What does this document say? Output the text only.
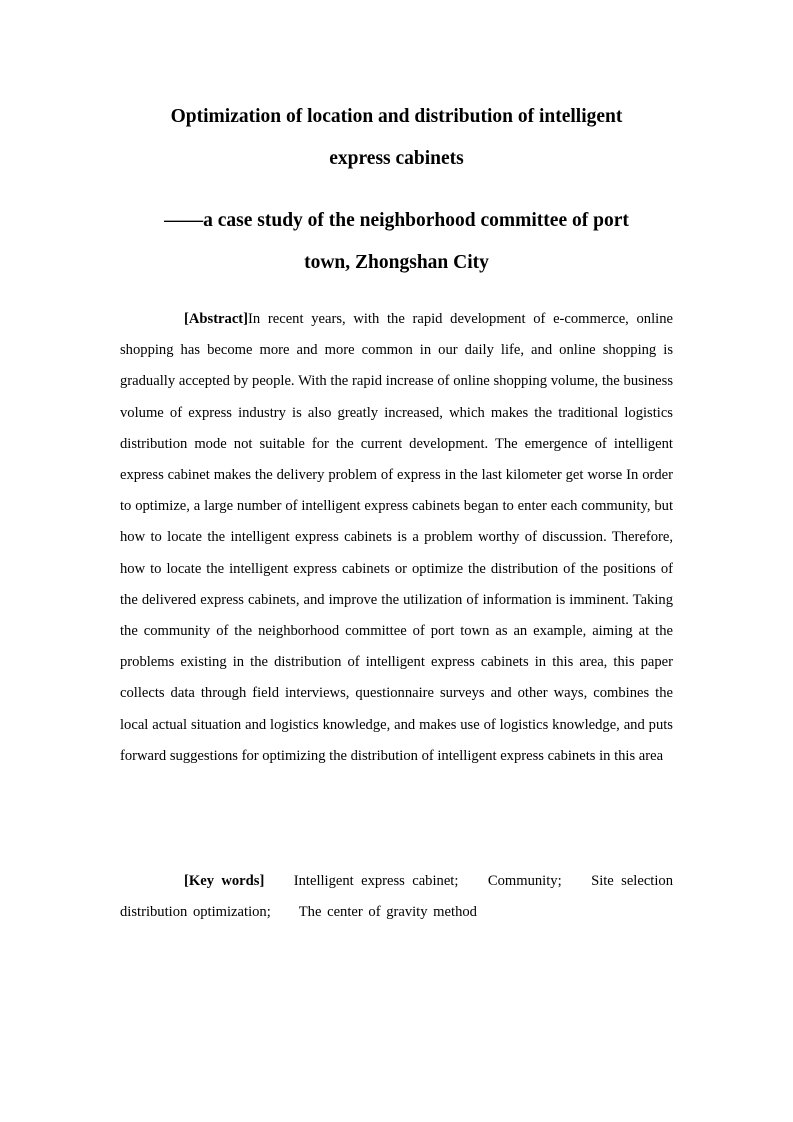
Optimization of location and distribution of intelligent
express cabinets
——a case study of the neighborhood committee of port
town, Zhongshan City

[Abstract]In recent years, with the rapid development of e-commerce, online shopping has become more and more common in our daily life, and online shopping is gradually accepted by people. With the rapid increase of online shopping volume, the business volume of express industry is also greatly increased, which makes the traditional logistics distribution mode not suitable for the current development. The emergence of intelligent express cabinet makes the delivery problem of express in the last kilometer get worse In order to optimize, a large number of intelligent express cabinets began to enter each community, but how to locate the intelligent express cabinets is a problem worthy of discussion. Therefore, how to locate the intelligent express cabinets or optimize the distribution of the positions of the delivered express cabinets, and improve the utilization of information is imminent. Taking the community of the neighborhood committee of port town as an example, aiming at the problems existing in the distribution of intelligent express cabinets in this area, this paper collects data through field interviews, questionnaire surveys and other ways, combines the local actual situation and logistics knowledge, and makes use of logistics knowledge, and puts forward suggestions for optimizing the distribution of intelligent express cabinets in this area

[Key words] Intelligent express cabinet; Community; Site selection distribution optimization; The center of gravity method
